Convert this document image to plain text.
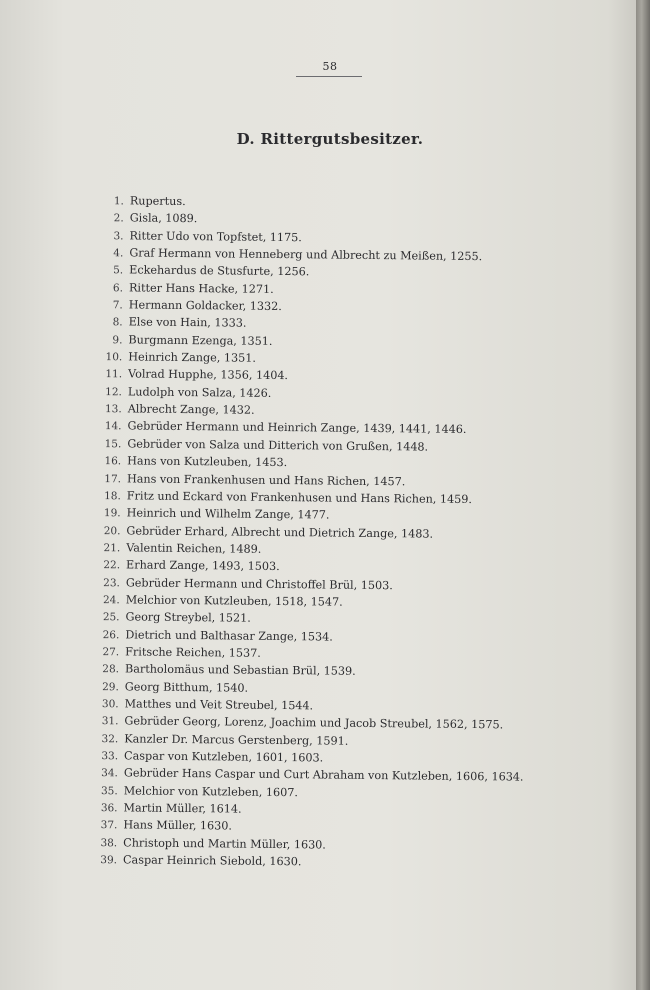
58
D. Rittergutsbesitzer.
1. Rupertus.
2. Gisla, 1089.
3. Ritter Udo von Topfstet, 1175.
4. Graf Hermann von Henneberg und Albrecht zu Meißen, 1255.
5. Eckehardus de Stusfurte, 1256.
6. Ritter Hans Hacke, 1271.
7. Hermann Goldacker, 1332.
8. Else von Hain, 1333.
9. Burgmann Ezenga, 1351.
10. Heinrich Zange, 1351.
11. Volrad Hupphe, 1356, 1404.
12. Ludolph von Salza, 1426.
13. Albrecht Zange, 1432.
14. Gebrüder Hermann und Heinrich Zange, 1439, 1441, 1446.
15. Gebrüder von Salza und Ditterich von Grußen, 1448.
16. Hans von Kutzleuben, 1453.
17. Hans von Frankenhusen und Hans Richen, 1457.
18. Fritz und Eckard von Frankenhusen und Hans Richen, 1459.
19. Heinrich und Wilhelm Zange, 1477.
20. Gebrüder Erhard, Albrecht und Dietrich Zange, 1483.
21. Valentin Reichen, 1489.
22. Erhard Zange, 1493, 1503.
23. Gebrüder Hermann und Christoffel Brül, 1503.
24. Melchior von Kutzleuben, 1518, 1547.
25. Georg Streybel, 1521.
26. Dietrich und Balthasar Zange, 1534.
27. Fritsche Reichen, 1537.
28. Bartholomäus und Sebastian Brül, 1539.
29. Georg Bitthum, 1540.
30. Matthes und Veit Streubel, 1544.
31. Gebrüder Georg, Lorenz, Joachim und Jacob Streubel, 1562, 1575.
32. Kanzler Dr. Marcus Gerstenberg, 1591.
33. Caspar von Kutzleben, 1601, 1603.
34. Gebrüder Hans Caspar und Curt Abraham von Kutzleben, 1606, 1634.
35. Melchior von Kutzleben, 1607.
36. Martin Müller, 1614.
37. Hans Müller, 1630.
38. Christoph und Martin Müller, 1630.
39. Caspar Heinrich Siebold, 1630.
